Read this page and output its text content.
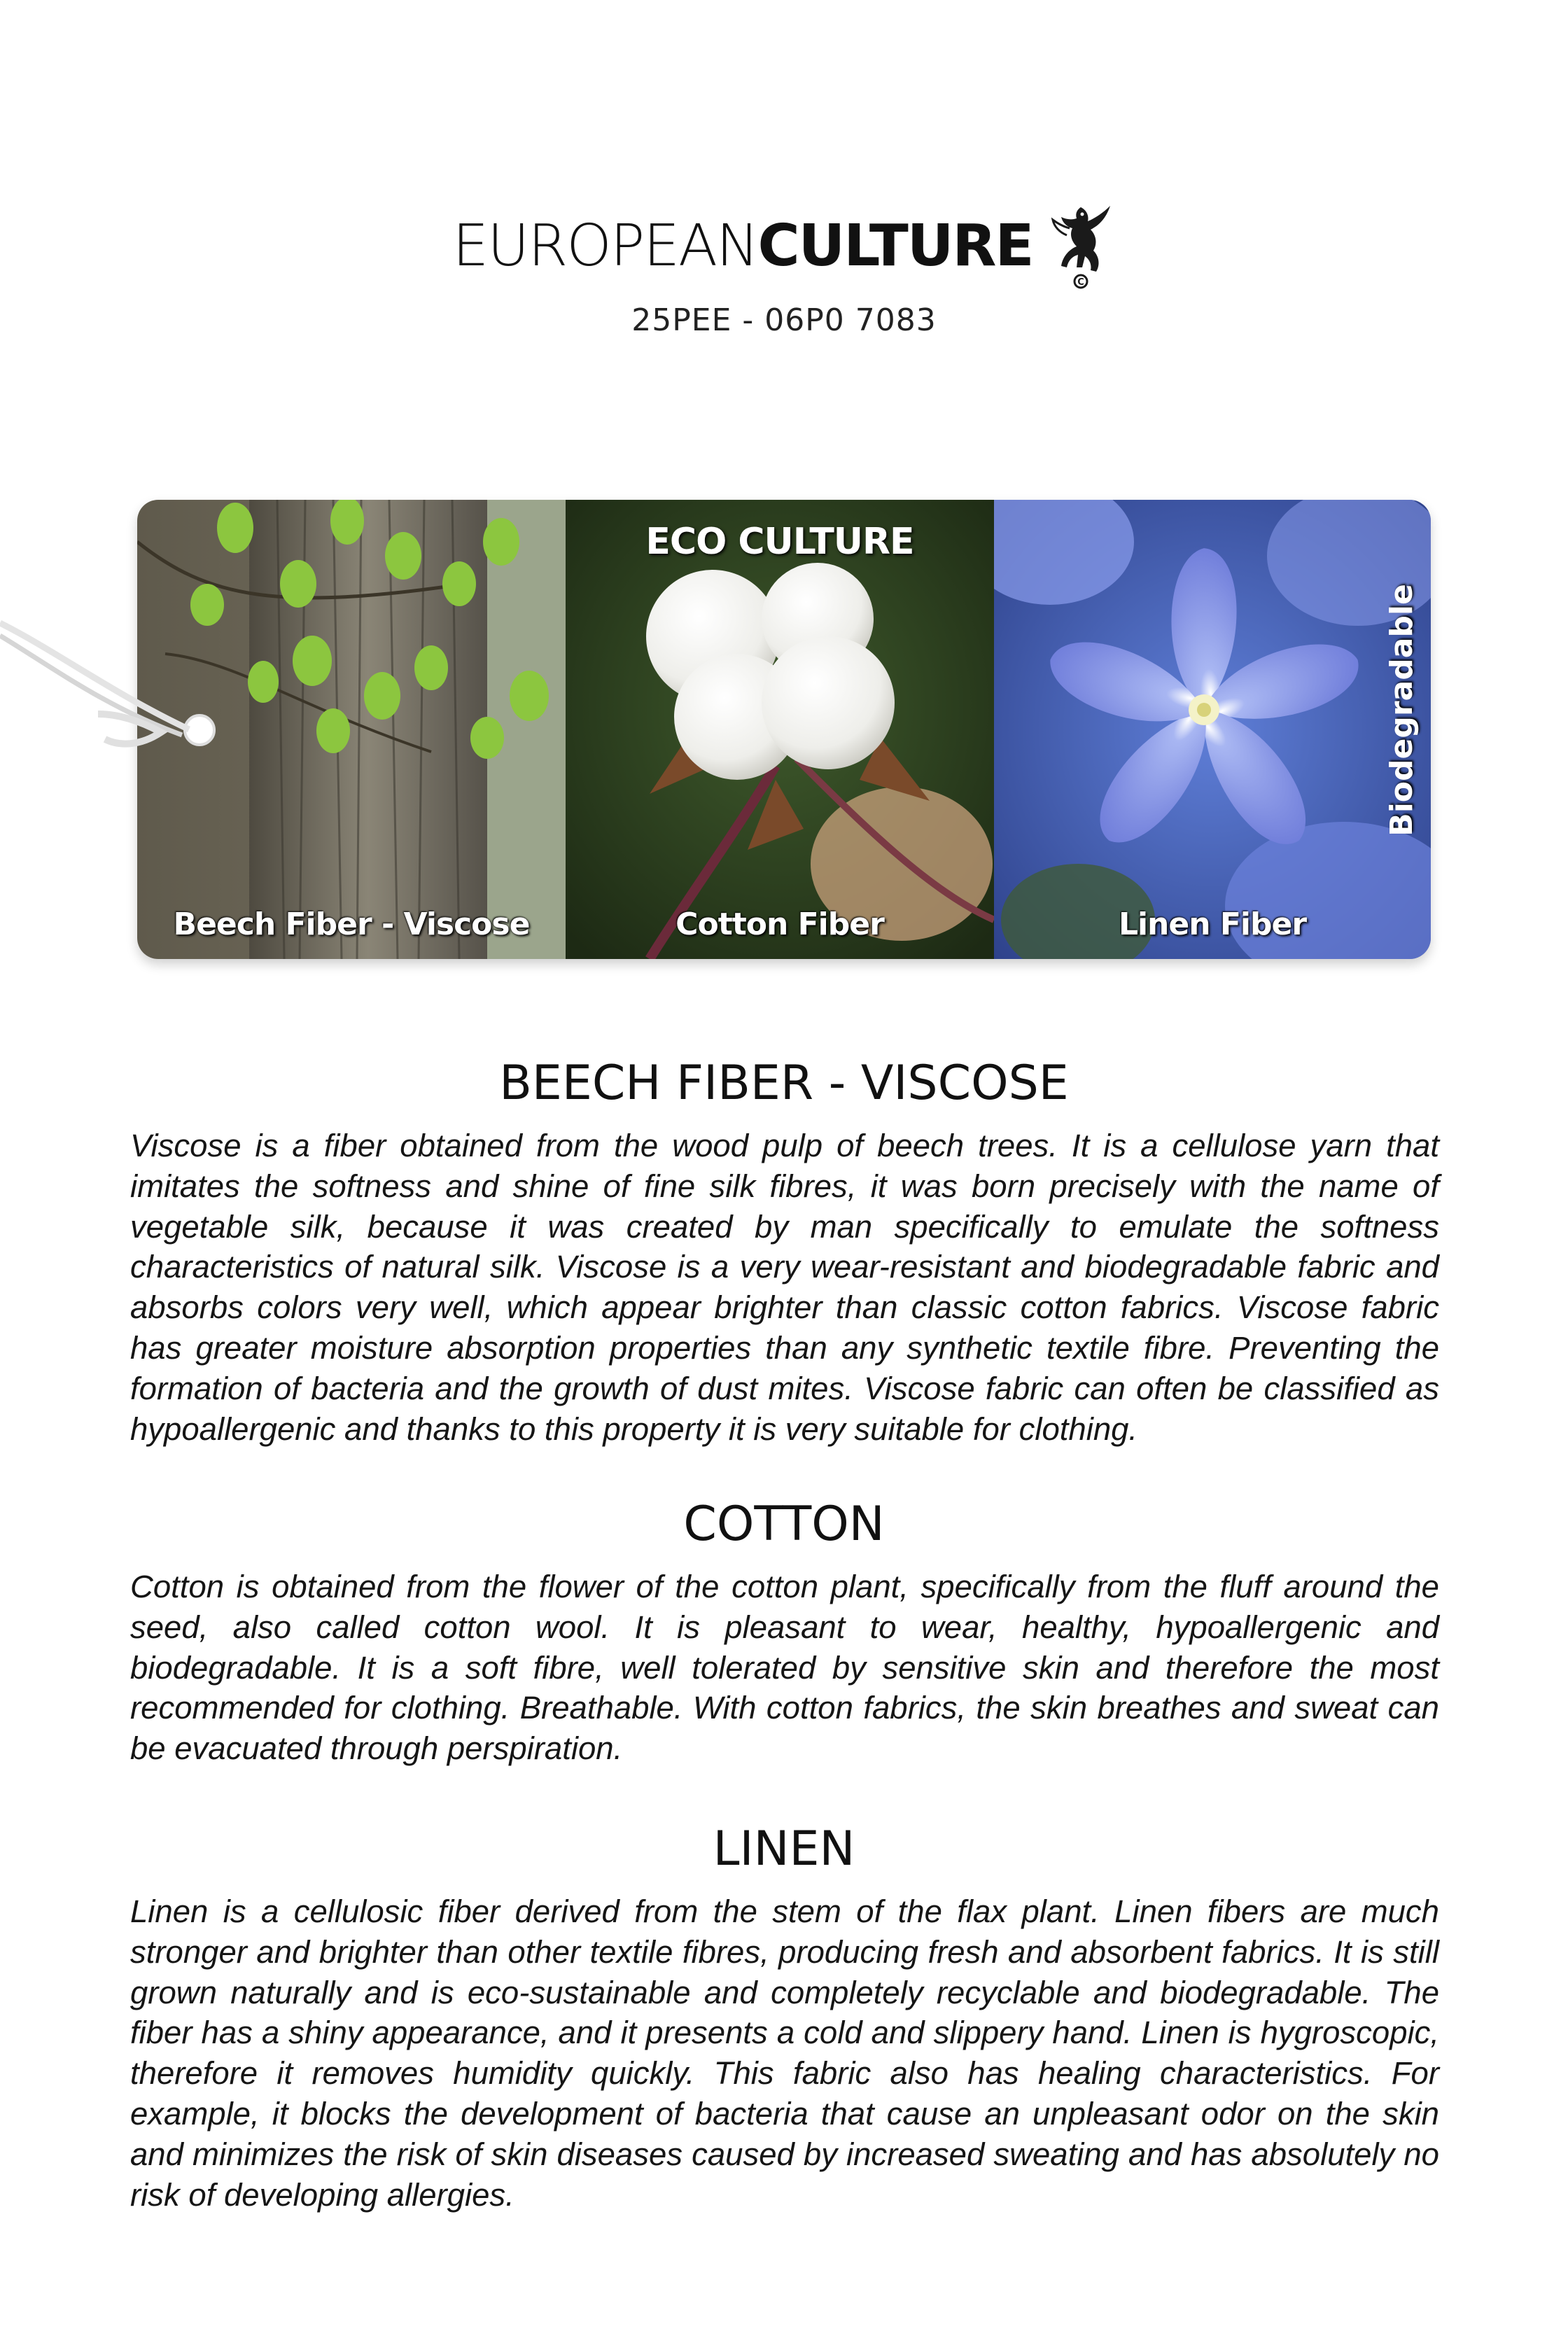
EUROPEANCULTURE
C
25PEE - 06P0 7083
Beech Fiber - Viscose
ECO CULTURE
Cotton Fiber
Biodegradable
Linen Fiber
BEECH FIBER - VISCOSE

Viscose is a fiber obtained from the wood pulp of beech trees. It is a cellulose yarn that imitates the softness and shine of fine silk fibres, it was born precisely with the name of vegetable silk, because it was created by man specifically to emulate the softness characteristics of natural silk. Viscose is a very wear-resistant and biodegradable fabric and absorbs colors very well, which appear brighter than classic cotton fabrics. Viscose fabric has greater moisture absorption properties than any synthetic textile fibre. Preventing the formation of bacteria and the growth of dust mites. Viscose fabric can often be classified as hypoallergenic and thanks to this property it is very suitable for clothing.

COTTON

Cotton is obtained from the flower of the cotton plant, specifically from the fluff around the seed, also called cotton wool. It is pleasant to wear, healthy, hypoallergenic and biodegradable. It is a soft fibre, well tolerated by sensitive skin and therefore the most recommended for clothing. Breathable. With cotton fabrics, the skin breathes and sweat can be evacuated through perspiration.

LINEN

Linen is a cellulosic fiber derived from the stem of the flax plant. Linen fibers are much stronger and brighter than other textile fibres, producing fresh and absorbent fabrics. It is still grown naturally and is eco-sustainable and completely recyclable and biodegradable. The fiber has a shiny appearance, and it presents a cold and slippery hand. Linen is hygroscopic, therefore it removes humidity quickly. This fabric also has healing characteristics. For example, it blocks the development of bacteria that cause an unpleasant odor on the skin and minimizes the risk of skin diseases caused by increased sweating and has absolutely no risk of developing allergies.
